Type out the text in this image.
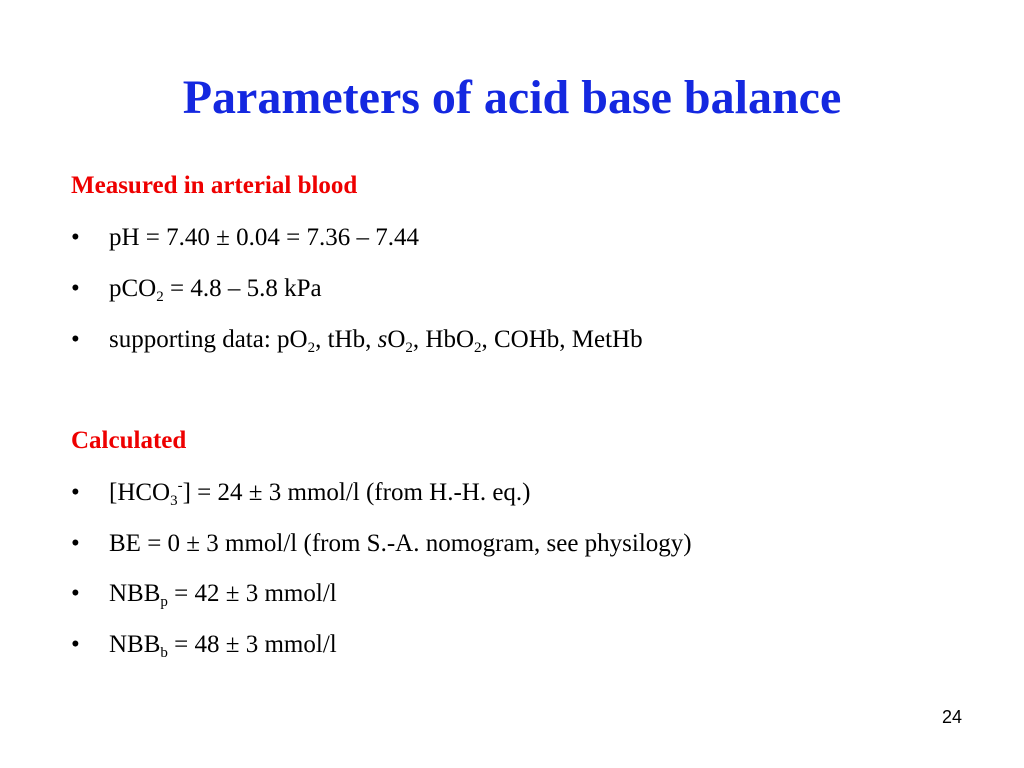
Parameters of acid base balance
Measured in arterial blood
• pH = 7.40 ± 0.04 = 7.36 – 7.44
• pCO$_2$ = 4.8 – 5.8 kPa
• supporting data: $pO_2$, tHb, $sO_2$, HbO$_2$, COHb, MetHb
Calculated
• $[HCO_3^-] = 24 \pm 3$ mmol/l (from H.-H. eq.)
• BE = 0 ± 3 mmol/l (from S.-A. nomogram, see physilogy)
• $NBB_p = 42 \pm 3$ mmol/l
• $NBB_b = 48 \pm 3$ mmol/l
24
